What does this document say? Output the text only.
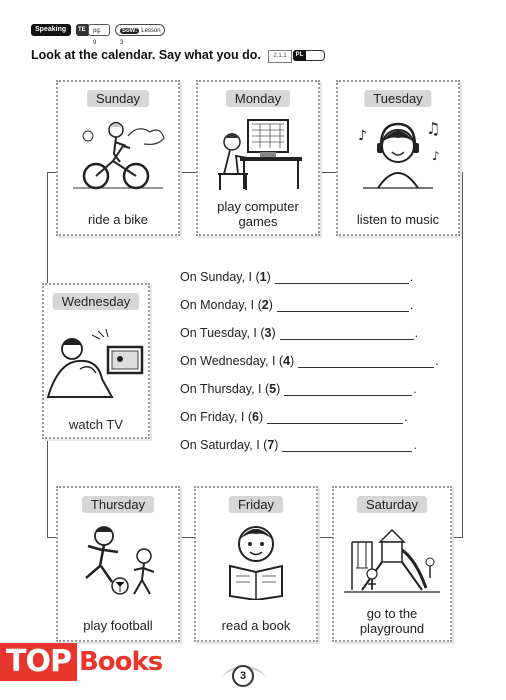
Speaking	TE	pg. 9
SoW: Lesson 3
Look at the calendar. Say what you do.	2.1.1	PL
Sunday
ride a bike
Monday
play computer games
Tuesday
♪	♫
♪
listen to music
Wednesday
watch TV
Thursday
play football
Friday
read a book
Saturday
go to the playground
On Sunday, I ( 1 )	.
On Monday, I ( 2 )	.
On Tuesday, I ( 3 )	.
On Wednesday, I ( 4 )	.
On Thursday, I ( 5 )	.
On Friday, I ( 6 )	.
On Saturday, I ( 7 )	.
3
TOP Books
